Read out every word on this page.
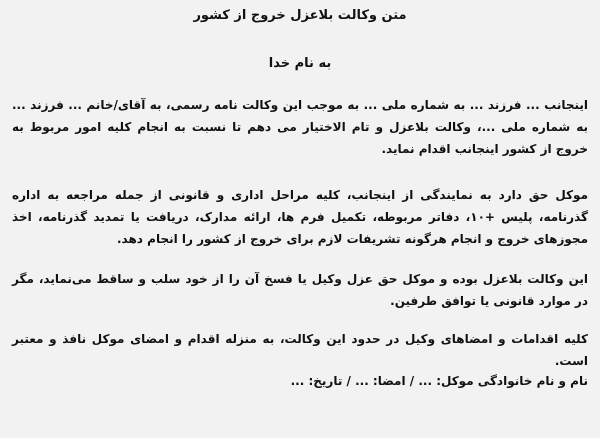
متن وکالت بلاعزل خروج از کشور
به نام خدا

اینجانب ... فرزند ... به شماره ملی ... به موجب این وکالت نامه رسمی، به آقای/خانم ... فرزند ... به شماره ملی ...، وکالت بلاعزل و تام الاختیار می دهم تا نسبت به انجام کلیه امور مربوط به خروج از کشور اینجانب اقدام نماید.

موکل حق دارد به نمایندگی از اینجانب، کلیه مراحل اداری و قانونی از جمله مراجعه به اداره گذرنامه، پلیس +۱۰، دفاتر مربوطه، تکمیل فرم ها، ارائه مدارک، دریافت یا تمدید گذرنامه، اخذ مجوزهای خروج و انجام هرگونه تشریفات لازم برای خروج از کشور را انجام دهد.

این وکالت بلاعزل بوده و موکل حق عزل وکیل یا فسخ آن را از خود سلب و ساقط می‌نماید، مگر در موارد قانونی یا توافق طرفین.

کلیه اقدامات و امضاهای وکیل در حدود این وکالت، به منزله اقدام و امضای موکل نافذ و معتبر است.

نام و نام خانوادگی موکل: ... / امضا: ... / تاریخ: ...
